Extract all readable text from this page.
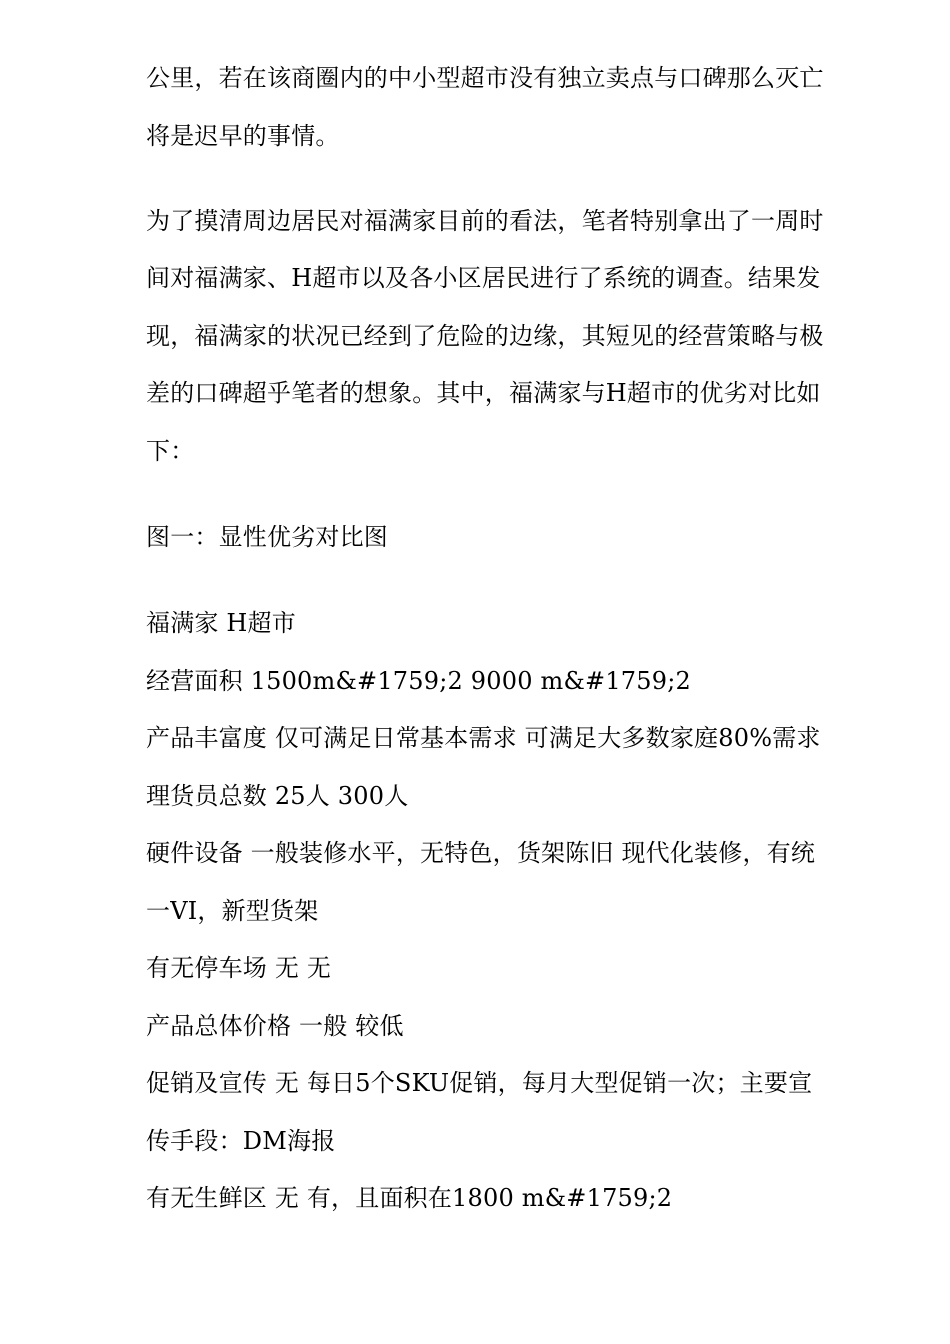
公里，若在该商圈内的中小型超市没有独立卖点与口碑那么灭亡
将是迟早的事情。
为了摸清周边居民对福满家目前的看法，笔者特别拿出了一周时
间对福满家、H超市以及各小区居民进行了系统的调查。结果发
现，福满家的状况已经到了危险的边缘，其短见的经营策略与极
差的口碑超乎笔者的想象。其中，福满家与H超市的优劣对比如
下：
图一：显性优劣对比图
福满家 H超市
经营面积 1500m&#1759;2 9000 m&#1759;2
产品丰富度 仅可满足日常基本需求 可满足大多数家庭80%需求
理货员总数 25人 300人
硬件设备 一般装修水平，无特色，货架陈旧 现代化装修，有统
一VI，新型货架
有无停车场 无 无
产品总体价格 一般 较低
促销及宣传 无 每日5个SKU促销，每月大型促销一次；主要宣
传手段：DM海报
有无生鲜区 无 有，且面积在1800 m&#1759;2
